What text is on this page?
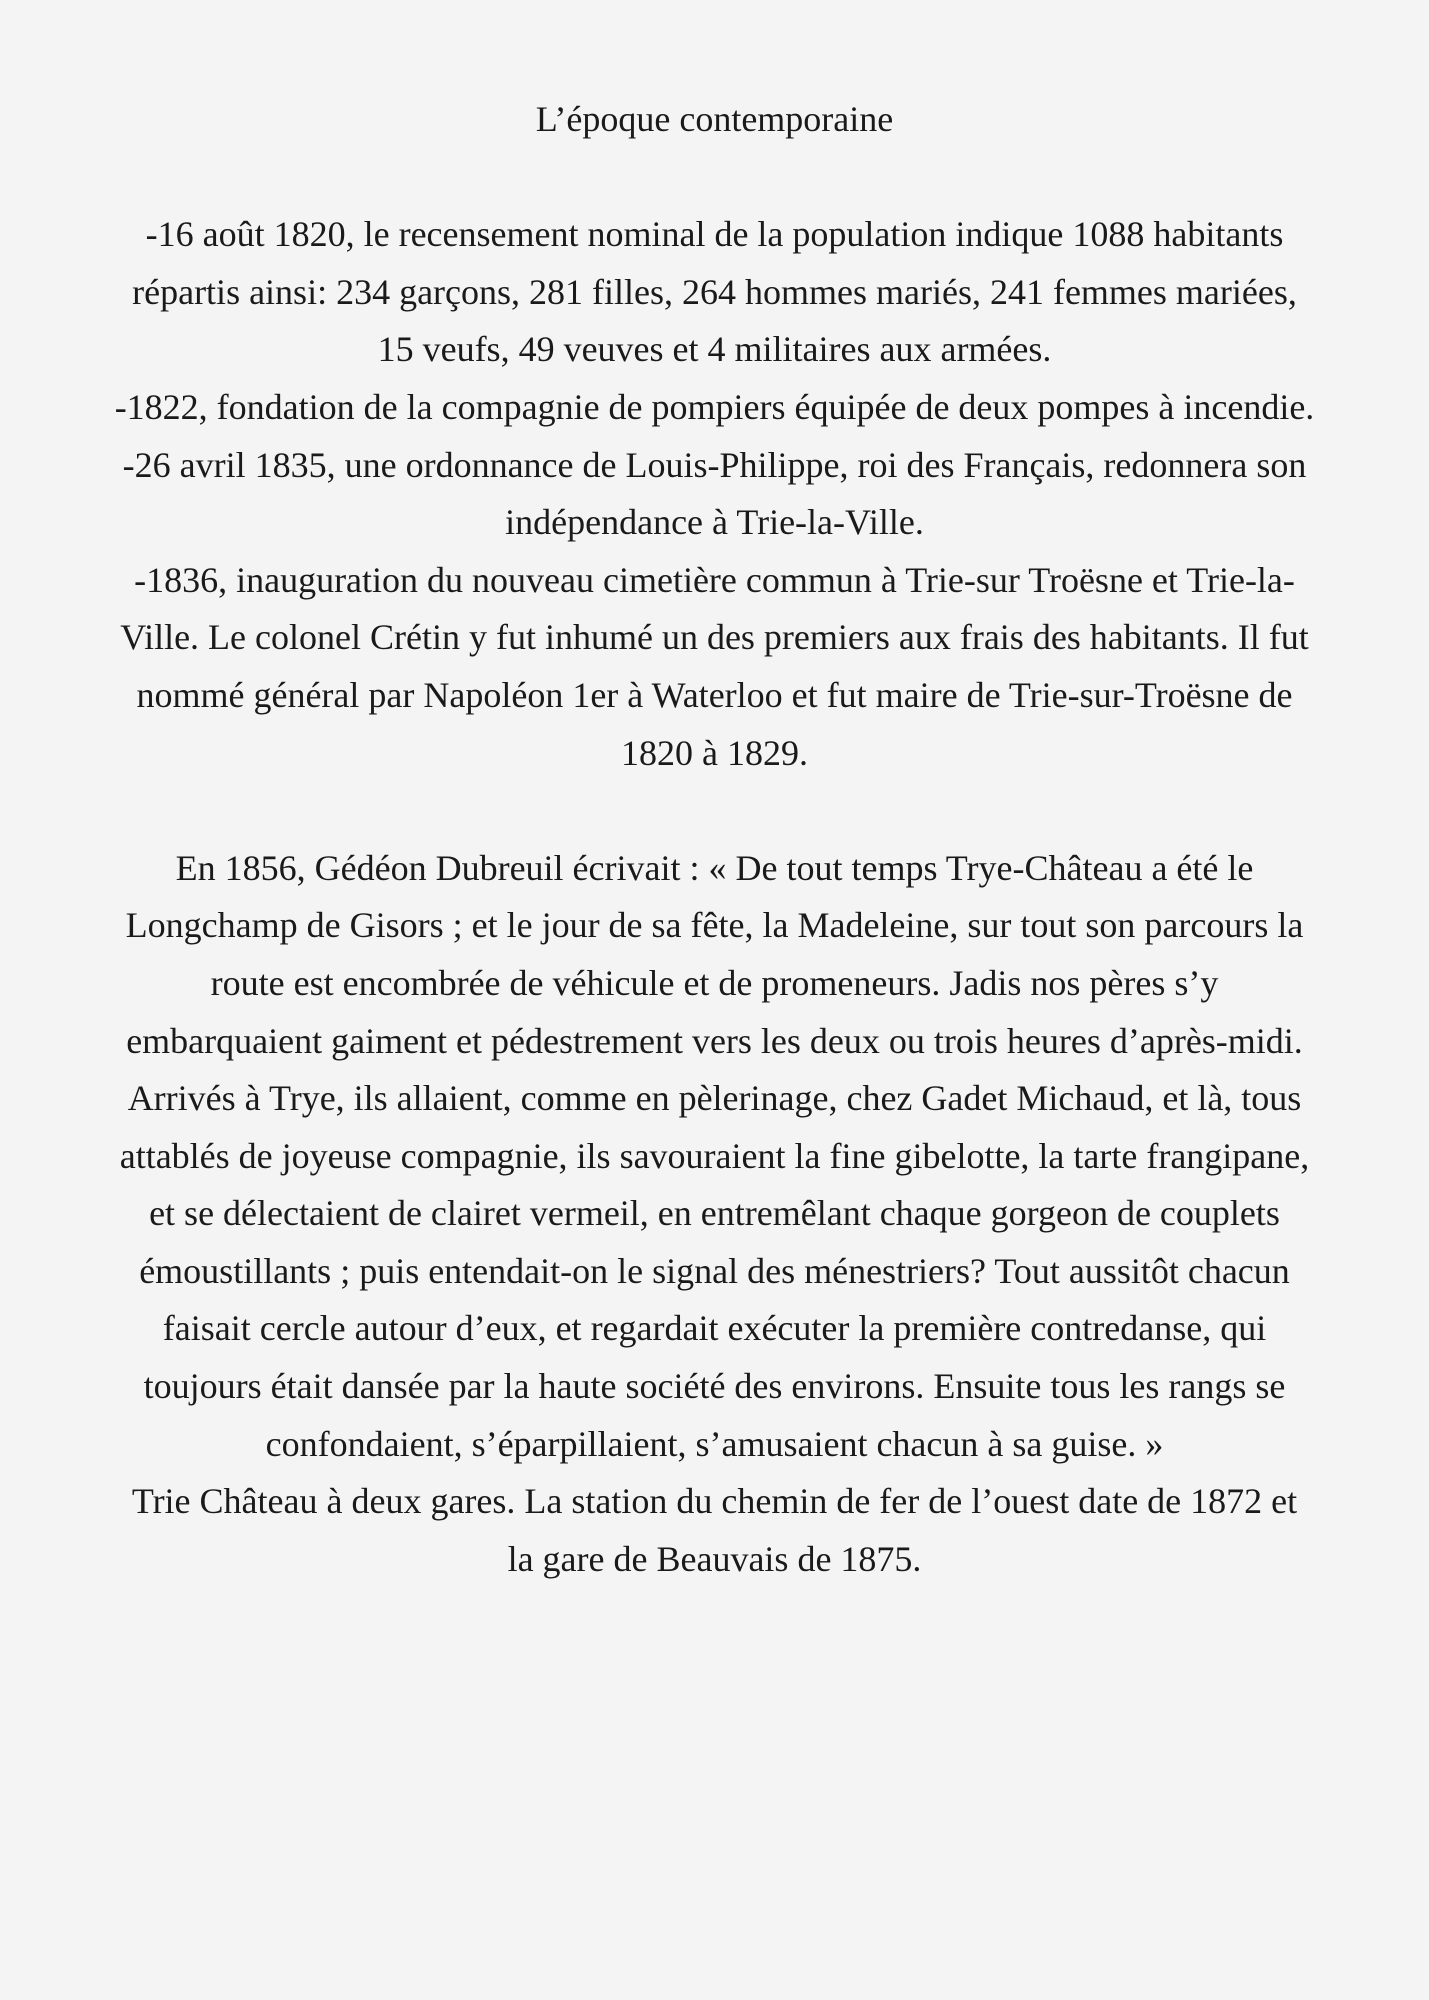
L’époque contemporaine

-16 août 1820, le recensement nominal de la population indique 1088 habitants

répartis ainsi: 234 garçons, 281 filles, 264 hommes mariés, 241 femmes mariées,

15 veufs, 49 veuves et 4 militaires aux armées.

-1822, fondation de la compagnie de pompiers équipée de deux pompes à incendie.

-26 avril 1835, une ordonnance de Louis-Philippe, roi des Français, redonnera son

indépendance à Trie-la-Ville.

-1836, inauguration du nouveau cimetière commun à Trie-sur Troësne et Trie-la-

Ville. Le colonel Crétin y fut inhumé un des premiers aux frais des habitants. Il fut

nommé général par Napoléon 1er à Waterloo et fut maire de Trie-sur-Troësne de

1820 à 1829.

En 1856, Gédéon Dubreuil écrivait : « De tout temps Trye-Château a été le

Longchamp de Gisors ; et le jour de sa fête, la Madeleine, sur tout son parcours la

route est encombrée de véhicule et de promeneurs. Jadis nos pères s’y

embarquaient gaiment et pédestrement vers les deux ou trois heures d’après-midi.

Arrivés à Trye, ils allaient, comme en pèlerinage, chez Gadet Michaud, et là, tous

attablés de joyeuse compagnie, ils savouraient la fine gibelotte, la tarte frangipane,

et se délectaient de clairet vermeil, en entremêlant chaque gorgeon de couplets

émoustillants ; puis entendait-on le signal des ménestriers? Tout aussitôt chacun

faisait cercle autour d’eux, et regardait exécuter la première contredanse, qui

toujours était dansée par la haute société des environs. Ensuite tous les rangs se

confondaient, s’éparpillaient, s’amusaient chacun à sa guise. »

Trie Château à deux gares. La station du chemin de fer de l’ouest date de 1872 et

la gare de Beauvais de 1875.
